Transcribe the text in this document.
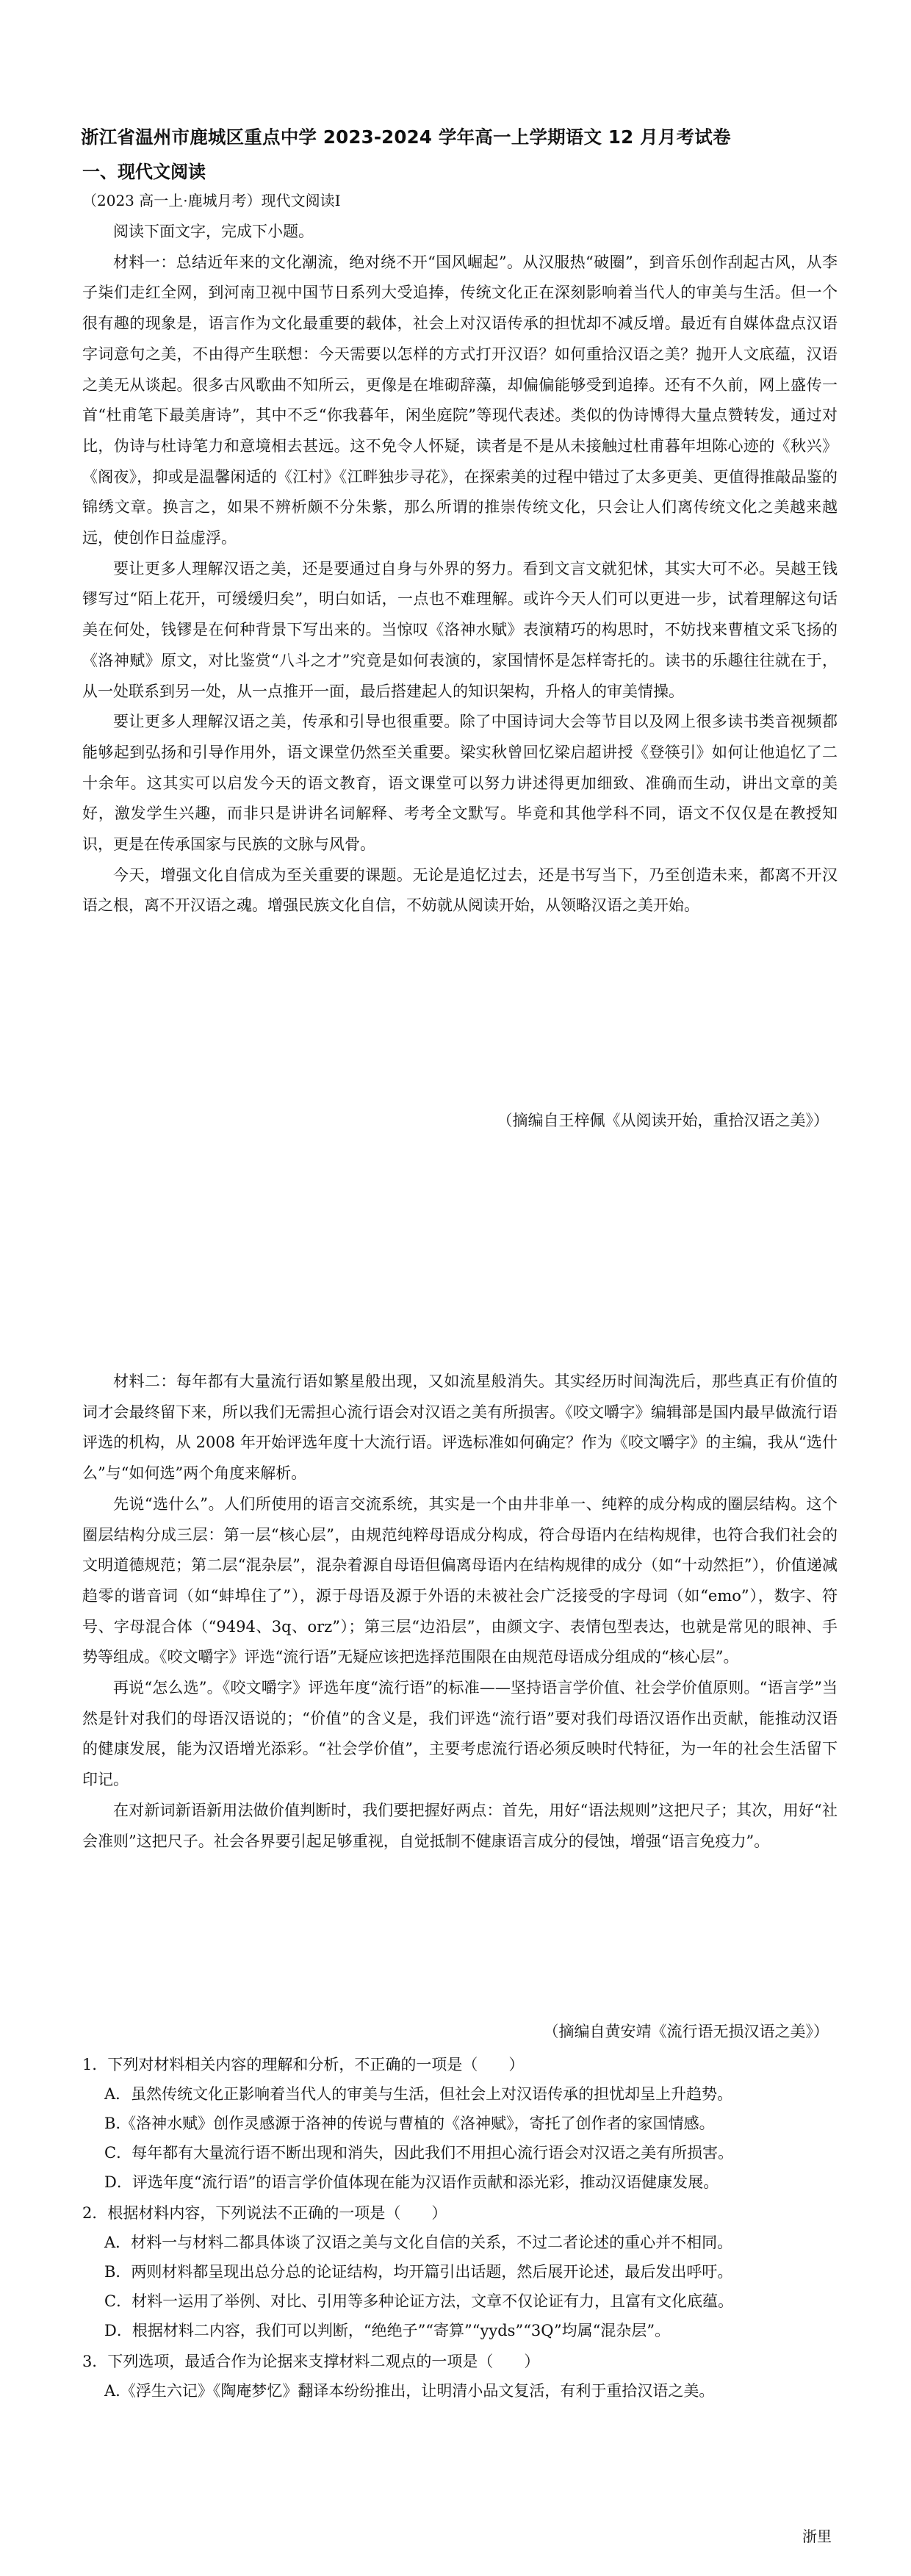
浙江省温州市鹿城区重点中学 2023-2024 学年高一上学期语文 12 月月考试卷
一、现代文阅读
（2023 高一上·鹿城月考）现代文阅读I

阅读下面文字，完成下小题。

材料一：总结近年来的文化潮流，绝对绕不开“国风崛起”。从汉服热“破圈”，到音乐创作刮起古风，从李子柒们走红全网，到河南卫视中国节日系列大受追捧，传统文化正在深刻影响着当代人的审美与生活。但一个很有趣的现象是，语言作为文化最重要的载体，社会上对汉语传承的担忧却不减反增。最近有自媒体盘点汉语字词意句之美，不由得产生联想：今天需要以怎样的方式打开汉语？如何重拾汉语之美？抛开人文底蕴，汉语之美无从谈起。很多古风歌曲不知所云，更像是在堆砌辞藻，却偏偏能够受到追捧。还有不久前，网上盛传一首“杜甫笔下最美唐诗”，其中不乏“你我暮年，闲坐庭院”等现代表述。类似的伪诗博得大量点赞转发，通过对比，伪诗与杜诗笔力和意境相去甚远。这不免令人怀疑，读者是不是从未接触过杜甫暮年坦陈心迹的《秋兴》《阁夜》，抑或是温馨闲适的《江村》《江畔独步寻花》，在探索美的过程中错过了太多更美、更值得推敲品鉴的锦绣文章。换言之，如果不辨析颇不分朱紫，那么所谓的推崇传统文化，只会让人们离传统文化之美越来越远，使创作日益虚浮。

要让更多人理解汉语之美，还是要通过自身与外界的努力。看到文言文就犯怵，其实大可不必。吴越王钱镠写过“陌上花开，可缓缓归矣”，明白如话，一点也不难理解。或许今天人们可以更进一步，试着理解这句话美在何处，钱镠是在何种背景下写出来的。当惊叹《洛神水赋》表演精巧的构思时，不妨找来曹植文采飞扬的《洛神赋》原文，对比鉴赏“八斗之才”究竟是如何表演的，家国情怀是怎样寄托的。读书的乐趣往往就在于，从一处联系到另一处，从一点推开一面，最后搭建起人的知识架构，升格人的审美情操。

要让更多人理解汉语之美，传承和引导也很重要。除了中国诗词大会等节目以及网上很多读书类音视频都能够起到弘扬和引导作用外，语文课堂仍然至关重要。梁实秋曾回忆梁启超讲授《登筷引》如何让他追忆了二十余年。这其实可以启发今天的语文教育，语文课堂可以努力讲述得更加细致、准确而生动，讲出文章的美好，激发学生兴趣，而非只是讲讲名词解释、考考全文默写。毕竟和其他学科不同，语文不仅仅是在教授知识，更是在传承国家与民族的文脉与风骨。

今天，增强文化自信成为至关重要的课题。无论是追忆过去，还是书写当下，乃至创造未来，都离不开汉语之根，离不开汉语之魂。增强民族文化自信，不妨就从阅读开始，从领略汉语之美开始。

（摘编自王梓佩《从阅读开始，重拾汉语之美》）

材料二：每年都有大量流行语如繁星般出现，又如流星般消失。其实经历时间淘洗后，那些真正有价值的词才会最终留下来，所以我们无需担心流行语会对汉语之美有所损害。《咬文嚼字》编辑部是国内最早做流行语评选的机构，从 2008 年开始评选年度十大流行语。评选标准如何确定？作为《咬文嚼字》的主编，我从“选什么”与“如何选”两个角度来解析。

先说“选什么”。人们所使用的语言交流系统，其实是一个由井非单一、纯粹的成分构成的圈层结构。这个圈层结构分成三层：第一层“核心层”，由规范纯粹母语成分构成，符合母语内在结构规律，也符合我们社会的文明道德规范；第二层“混杂层”，混杂着源自母语但偏离母语内在结构规律的成分（如“十动然拒”），价值递减趋零的谐音词（如“蚌埠住了”），源于母语及源于外语的未被社会广泛接受的字母词（如“emo”），数字、符号、字母混合体（“9494、3q、orz”）；第三层“边沿层”，由颜文字、表情包型表达，也就是常见的眼神、手势等组成。《咬文嚼字》评选“流行语”无疑应该把选择范围限在由规范母语成分组成的“核心层”。

再说“怎么选”。《咬文嚼字》评选年度“流行语”的标准——坚持语言学价值、社会学价值原则。“语言学”当然是针对我们的母语汉语说的；“价值”的含义是，我们评选“流行语”要对我们母语汉语作出贡献，能推动汉语的健康发展，能为汉语增光添彩。“社会学价值”，主要考虑流行语必须反映时代特征，为一年的社会生活留下印记。

在对新词新语新用法做价值判断时，我们要把握好两点：首先，用好“语法规则”这把尺子；其次，用好“社会准则”这把尺子。社会各界要引起足够重视，自觉抵制不健康语言成分的侵蚀，增强“语言免疫力”。

（摘编自黄安靖《流行语无损汉语之美》）

1．下列对材料相关内容的理解和分析，不正确的一项是（　　）

A．虽然传统文化正影响着当代人的审美与生活，但社会上对汉语传承的担忧却呈上升趋势。

B.《洛神水赋》创作灵感源于洛神的传说与曹植的《洛神赋》，寄托了创作者的家国情感。

C．每年都有大量流行语不断出现和消失，因此我们不用担心流行语会对汉语之美有所损害。

D．评选年度“流行语”的语言学价值体现在能为汉语作贡献和添光彩，推动汉语健康发展。

2．根据材料内容，下列说法不正确的一项是（　　）

A．材料一与材料二都具体谈了汉语之美与文化自信的关系，不过二者论述的重心并不相同。

B．两则材料都呈现出总分总的论证结构，均开篇引出话题，然后展开论述，最后发出呼吁。

C．材料一运用了举例、对比、引用等多种论证方法，文章不仅论证有力，且富有文化底蕴。

D．根据材料二内容，我们可以判断，“绝绝子”“寄算”“yyds”“3Q”均属“混杂层”。

3．下列选项，最适合作为论据来支撑材料二观点的一项是（　　）

A.《浮生六记》《陶庵梦忆》翻译本纷纷推出，让明清小品文复活，有利于重拾汉语之美。

浙里
